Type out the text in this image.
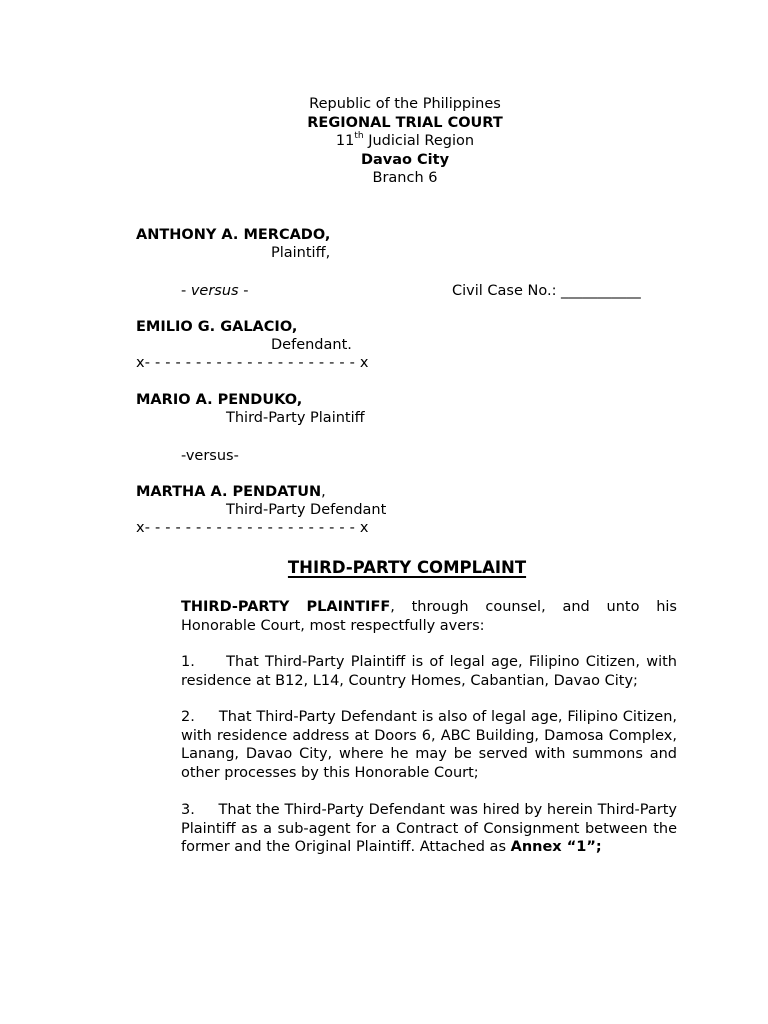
Republic of the Philippines
REGIONAL TRIAL COURT
11th Judicial Region
Davao City
Branch 6
ANTHONY A. MERCADO,
Plaintiff,
- versus -	Civil Case No.: ___________
EMILIO G. GALACIO,
Defendant.
x- - - - - - - - - - - - - - - - - - - - - x
MARIO A. PENDUKO,
Third-Party Plaintiff
-versus-
MARTHA A. PENDATUN,
Third-Party Defendant
x- - - - - - - - - - - - - - - - - - - - - x
THIRD-PARTY COMPLAINT

THIRD-PARTY PLAINTIFF, through counsel, and unto his Honorable Court, most respectfully avers:

1.     That Third-Party Plaintiff is of legal age, Filipino Citizen, with residence at B12, L14, Country Homes, Cabantian, Davao City;

2.     That Third-Party Defendant is also of legal age, Filipino Citizen, with residence address at Doors 6, ABC Building, Damosa Complex, Lanang, Davao City, where he may be served with summons and other processes by this Honorable Court;

3.     That the Third-Party Defendant was hired by herein Third-Party Plaintiff as a sub-agent for a Contract of Consignment between the former and the Original Plaintiff. Attached as Annex “1”;
